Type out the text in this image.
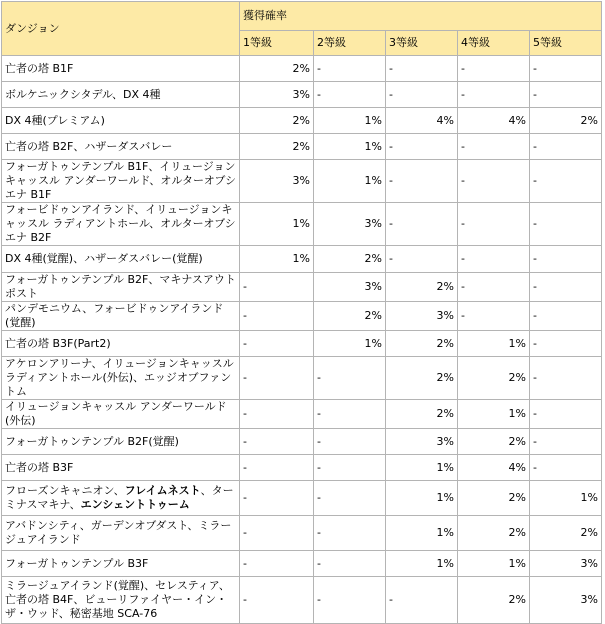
ダンジョン	獲得確率				
	1等級	2等級	3等級	4等級	5等級
亡者の塔 B1F	2%	-	-	-	-
ボルケニックシタデル、DX 4種	3%	-	-	-	-
DX 4種(プレミアム)	2%	1%	4%	4%	2%
亡者の塔 B2F、ハザーダスバレー	2%	1%	-	-	-
フォーガトゥンテンプル B1F、イリュージョンキャッスル アンダーワールド、オルターオブシエナ B1F	3%	1%	-	-	-
フォービドゥンアイランド、イリュージョンキャッスル ラディアントホール、オルターオブシエナ B2F	1%	3%	-	-	-
DX 4種(覚醒)、ハザーダスバレー(覚醒)	1%	2%	-	-	-
フォーガトゥンテンプル B2F、マキナスアウトポスト	-	3%	2%	-	-
パンデモニウム、フォービドゥンアイランド(覚醒)	-	2%	3%	-	-
亡者の塔 B3F(Part2)	-	1%	2%	1%	-
アケロンアリーナ、イリュージョンキャッスル ラディアントホール(外伝)、エッジオブファントム	-	-	2%	2%	-
イリュージョンキャッスル アンダーワールド(外伝)	-	-	2%	1%	-
フォーガトゥンテンプル B2F(覚醒)	-	-	3%	2%	-
亡者の塔 B3F	-	-	1%	4%	-
フローズンキャニオン、フレイムネスト、ターミナスマキナ、エンシェントトゥーム	-	-	1%	2%	1%
アバドンシティ、ガーデンオブダスト、ミラージュアイランド	-	-	1%	2%	2%
フォーガトゥンテンプル B3F	-	-	1%	1%	3%
ミラージュアイランド(覚醒)、セレスティア、亡者の塔 B4F、ビューリファイヤー・イン・ザ・ウッド、秘密基地 SCA-76	-	-	-	2%	3%
